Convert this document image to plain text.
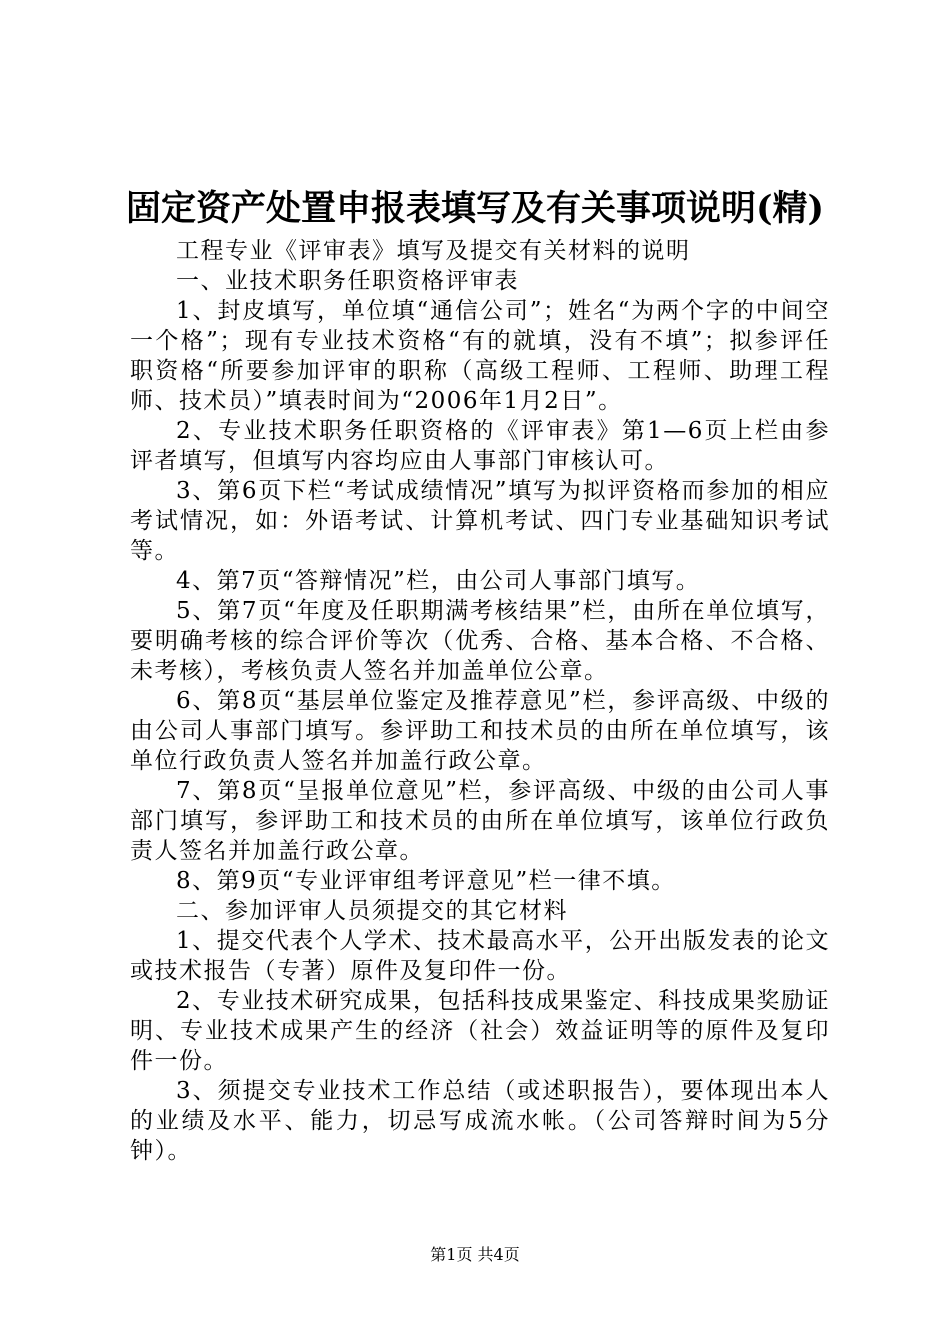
固定资产处置申报表填写及有关事项说明(精)

工程专业《评审表》填写及提交有关材料的说明

一、业技术职务任职资格评审表

1、封皮填写，单位填“通信公司”；姓名“为两个字的中间空一个格”；现有专业技术资格“有的就填，没有不填”；拟参评任职资格“所要参加评审的职称（高级工程师、工程师、助理工程师、技术员）”填表时间为“2006年1月2日”。

2、专业技术职务任职资格的《评审表》第1—6页上栏由参评者填写，但填写内容均应由人事部门审核认可。

3、第6页下栏“考试成绩情况”填写为拟评资格而参加的相应考试情况，如：外语考试、计算机考试、四门专业基础知识考试等。

4、第7页“答辩情况”栏，由公司人事部门填写。

5、第7页“年度及任职期满考核结果”栏，由所在单位填写，要明确考核的综合评价等次（优秀、合格、基本合格、不合格、未考核），考核负责人签名并加盖单位公章。

6、第8页“基层单位鉴定及推荐意见”栏，参评高级、中级的由公司人事部门填写。参评助工和技术员的由所在单位填写，该单位行政负责人签名并加盖行政公章。

7、第8页“呈报单位意见”栏，参评高级、中级的由公司人事部门填写，参评助工和技术员的由所在单位填写，该单位行政负责人签名并加盖行政公章。

8、第9页“专业评审组考评意见”栏一律不填。

二、参加评审人员须提交的其它材料

1、提交代表个人学术、技术最高水平，公开出版发表的论文或技术报告（专著）原件及复印件一份。

2、专业技术研究成果，包括科技成果鉴定、科技成果奖励证明、专业技术成果产生的经济（社会）效益证明等的原件及复印件一份。

3、须提交专业技术工作总结（或述职报告），要体现出本人的业绩及水平、能力，切忌写成流水帐。（公司答辩时间为5分钟）。

第1页 共4页
